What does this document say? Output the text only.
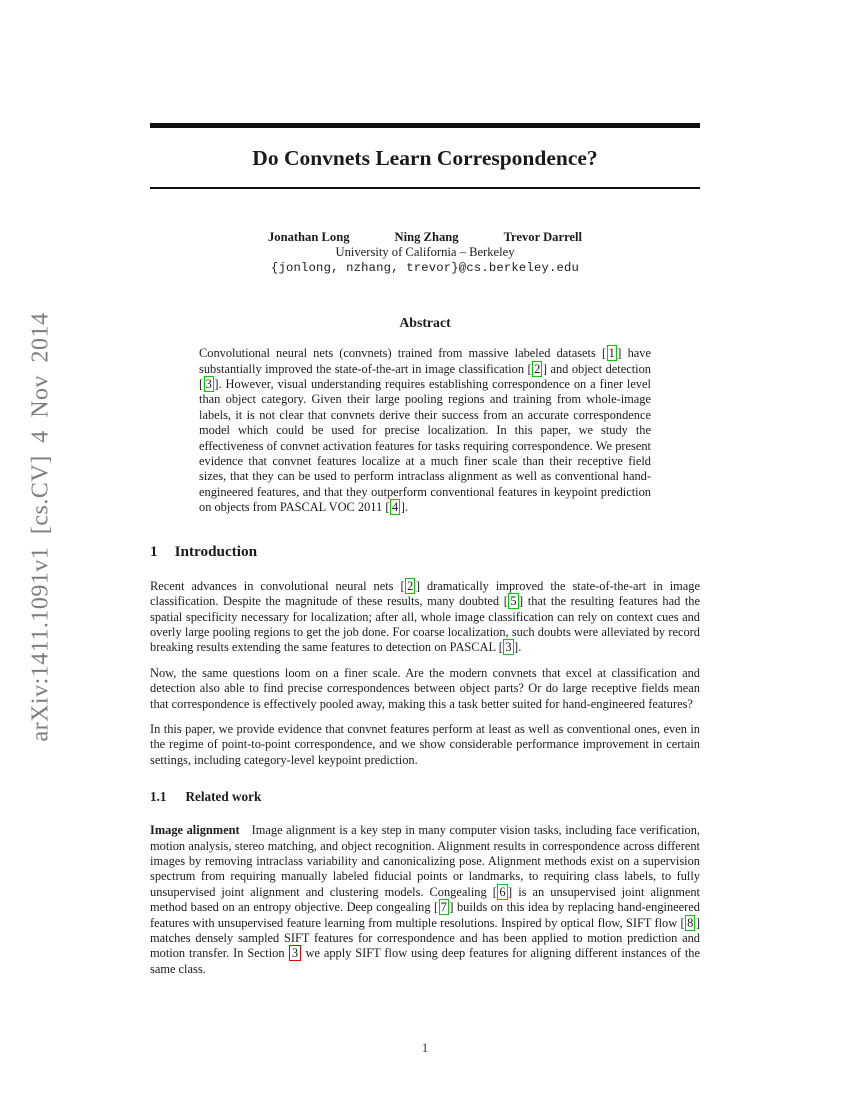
arXiv:1411.1091v1 [cs.CV] 4 Nov 2014
Do Convnets Learn Correspondence?
Jonathan Long	Ning Zhang	Trevor Darrell
University of California – Berkeley
{jonlong, nzhang, trevor}@cs.berkeley.edu
Abstract

Convolutional neural nets (convnets) trained from massive labeled datasets [ 1 ] have substantially improved the state-of-the-art in image classification [ 2 ] and object detection [ 3 ]. However, visual understanding requires establishing correspondence on a finer level than object category. Given their large pooling regions and training from whole-image labels, it is not clear that convnets derive their success from an accurate correspondence model which could be used for precise localization. In this paper, we study the effectiveness of convnet activation features for tasks requiring correspondence. We present evidence that convnet features localize at a much finer scale than their receptive field sizes, that they can be used to perform intraclass alignment as well as conventional hand-engineered features, and that they outperform conventional features in keypoint prediction on objects from PASCAL VOC 2011 [ 4 ].

1 Introduction

Recent advances in convolutional neural nets [ 2 ] dramatically improved the state-of-the-art in image classification. Despite the magnitude of these results, many doubted [ 5 ] that the resulting features had the spatial specificity necessary for localization; after all, whole image classification can rely on context cues and overly large pooling regions to get the job done. For coarse localization, such doubts were alleviated by record breaking results extending the same features to detection on PASCAL [ 3 ].

Now, the same questions loom on a finer scale. Are the modern convnets that excel at classification and detection also able to find precise correspondences between object parts? Or do large receptive fields mean that correspondence is effectively pooled away, making this a task better suited for hand-engineered features?

In this paper, we provide evidence that convnet features perform at least as well as conventional ones, even in the regime of point-to-point correspondence, and we show considerable performance improvement in certain settings, including category-level keypoint prediction.

1.1 Related work

Image alignment Image alignment is a key step in many computer vision tasks, including face verification, motion analysis, stereo matching, and object recognition. Alignment results in correspondence across different images by removing intraclass variability and canonicalizing pose. Alignment methods exist on a supervision spectrum from requiring manually labeled fiducial points or landmarks, to requiring class labels, to fully unsupervised joint alignment and clustering models. Congealing [ 6 ] is an unsupervised joint alignment method based on an entropy objective. Deep congealing [ 7 ] builds on this idea by replacing hand-engineered features with unsupervised feature learning from multiple resolutions. Inspired by optical flow, SIFT flow [ 8 ] matches densely sampled SIFT features for correspondence and has been applied to motion prediction and motion transfer. In Section 3 we apply SIFT flow using deep features for aligning different instances of the same class.

1
